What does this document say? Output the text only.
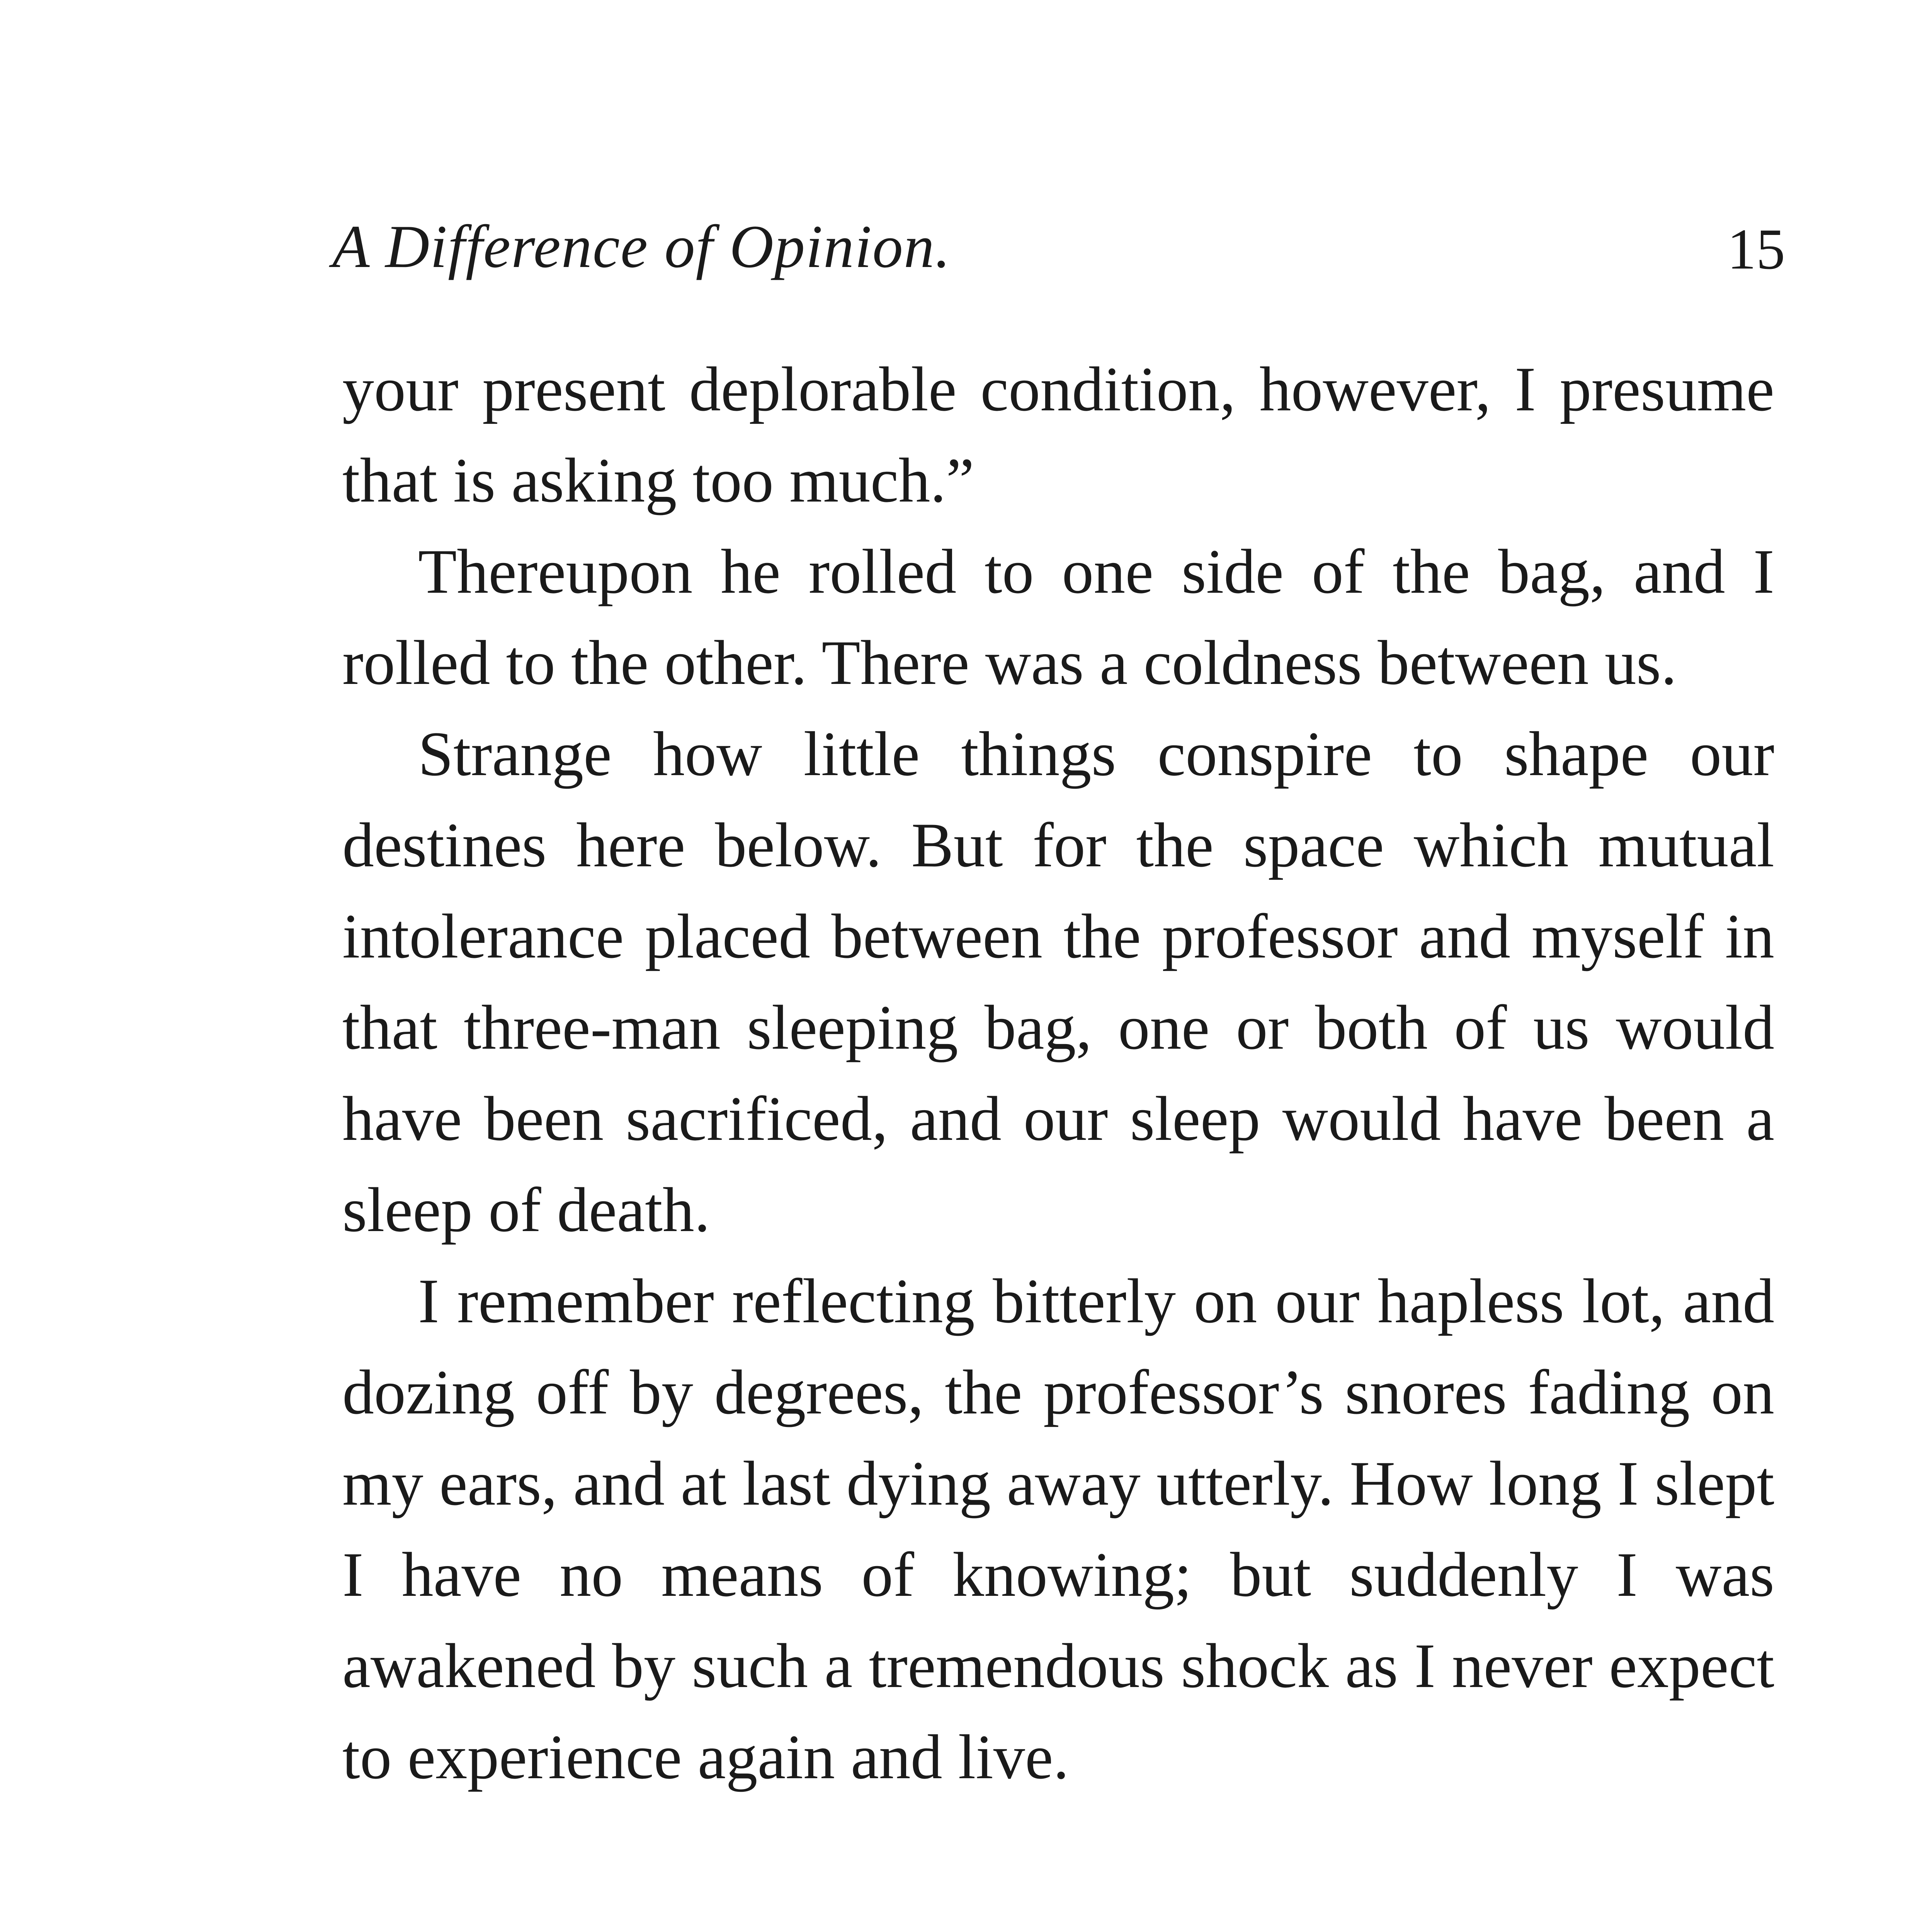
A Difference of Opinion.	15

your present deplorable condition, however, I presume that is asking too much.”

Thereupon he rolled to one side of the bag, and I rolled to the other. There was a coldness between us.

Strange how little things conspire to shape our destines here below. But for the space which mutual intolerance placed between the professor and myself in that three-man sleeping bag, one or both of us would have been sacrificed, and our sleep would have been a sleep of death.

I remember reflecting bitterly on our hapless lot, and dozing off by degrees, the professor’s snores fading on my ears, and at last dying away utterly. How long I slept I have no means of knowing; but suddenly I was awakened by such a tremendous shock as I never expect to experience again and live.
